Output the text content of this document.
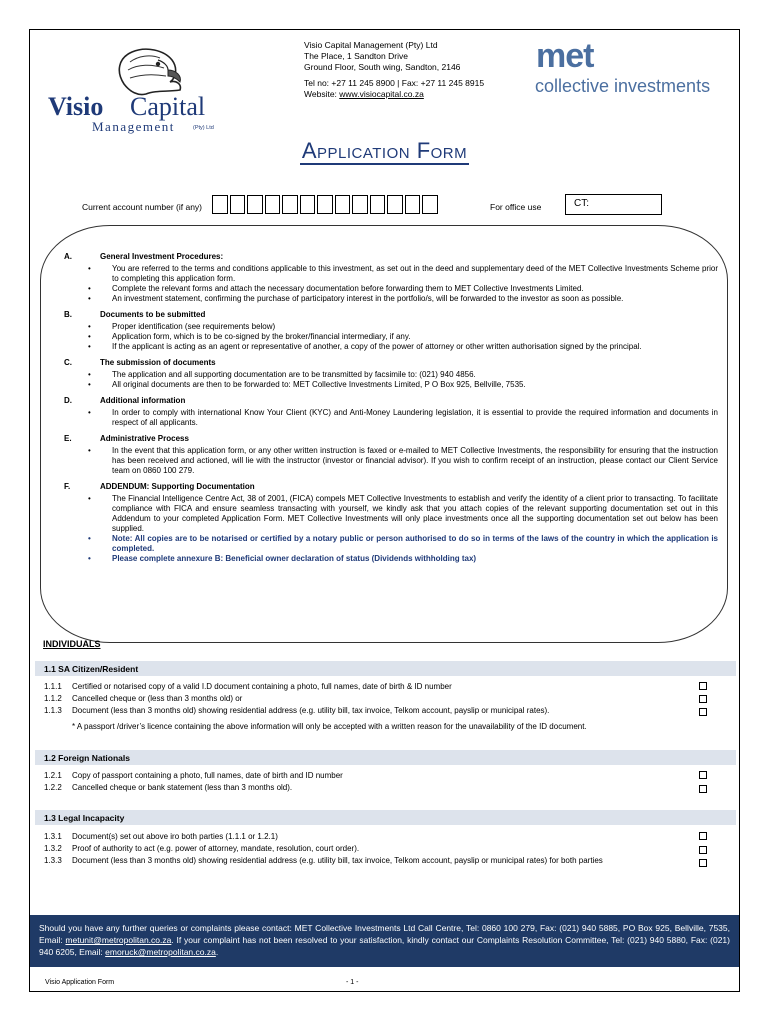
Visio Capital
Management	(Pty) Ltd
Visio Capital Management (Pty) Ltd
The Place, 1 Sandton Drive
Ground Floor, South wing, Sandton, 2146
Tel no: +27 11 245 8900 | Fax: +27 11 245 8915
Website: www.visiocapital.co.za
met
collective investments
Application Form
Current account number (if any)	For office use	CT:
A.	General Investment Procedures:
• You are referred to the terms and conditions applicable to this investment, as set out in the deed and supplementary deed of the MET Collective Investments Scheme prior to completing this application form.
• Complete the relevant forms and attach the necessary documentation before forwarding them to MET Collective Investments Limited.
• An investment statement, confirming the purchase of participatory interest in the portfolio/s, will be forwarded to the investor as soon as possible.
B.	Documents to be submitted
• Proper identification (see requirements below)
• Application form, which is to be co-signed by the broker/financial intermediary, if any.
• If the applicant is acting as an agent or representative of another, a copy of the power of attorney or other written authorisation signed by the principal.
C.	The submission of documents
• The application and all supporting documentation are to be transmitted by facsimile to: (021) 940 4856.
• All original documents are then to be forwarded to: MET Collective Investments Limited, P O Box 925, Bellville, 7535.
D.	Additional information
• In order to comply with international Know Your Client (KYC) and Anti-Money Laundering legislation, it is essential to provide the required information and documents in respect of all applicants.
E.	Administrative Process
• In the event that this application form, or any other written instruction is faxed or e-mailed to MET Collective Investments, the responsibility for ensuring that the instruction has been received and actioned, will lie with the instructor (investor or financial advisor). If you wish to confirm receipt of an instruction, please contact our Client Service team on 0860 100 279.
F.	ADDENDUM: Supporting Documentation
• The Financial Intelligence Centre Act, 38 of 2001, (FICA) compels MET Collective Investments to establish and verify the identity of a client prior to transacting. To facilitate compliance with FICA and ensure seamless transacting with yourself, we kindly ask that you attach copies of the relevant supporting documentation set out in this Addendum to your completed Application Form. MET Collective Investments will only place investments once all the supporting documentation set out below has been supplied.
• Note: All copies are to be notarised or certified by a notary public or person authorised to do so in terms of the laws of the country in which the application is completed.
• Please complete annexure B: Beneficial owner declaration of status (Dividends withholding tax)
INDIVIDUALS
1.1 SA Citizen/Resident
1.1.1 Certified or notarised copy of a valid I.D document containing a photo, full names, date of birth & ID number
1.1.2 Cancelled cheque or (less than 3 months old) or
1.1.3 Document (less than 3 months old) showing residential address (e.g. utility bill, tax invoice, Telkom account, payslip or municipal rates).
* A passport /driver’s licence containing the above information will only be accepted with a written reason for the unavailability of the ID document.
1.2 Foreign Nationals
1.2.1 Copy of passport containing a photo, full names, date of birth and ID number
1.2.2 Cancelled cheque or bank statement (less than 3 months old).
1.3 Legal Incapacity
1.3.1 Document(s) set out above iro both parties (1.1.1 or 1.2.1)
1.3.2 Proof of authority to act (e.g. power of attorney, mandate, resolution, court order).
1.3.3 Document (less than 3 months old) showing residential address (e.g. utility bill, tax invoice, Telkom account, payslip or municipal rates) for both parties
Should you have any further queries or complaints please contact: MET Collective Investments Ltd Call Centre, Tel: 0860 100 279, Fax: (021) 940 5885, PO Box 925, Bellville, 7535, Email: metunit@metropolitan.co.za. If your complaint has not been resolved to your satisfaction, kindly contact our Complaints Resolution Committee, Tel: (021) 940 5880, Fax: (021) 940 6205, Email: emoruck@metropolitan.co.za.
Visio Application Form	- 1 -
